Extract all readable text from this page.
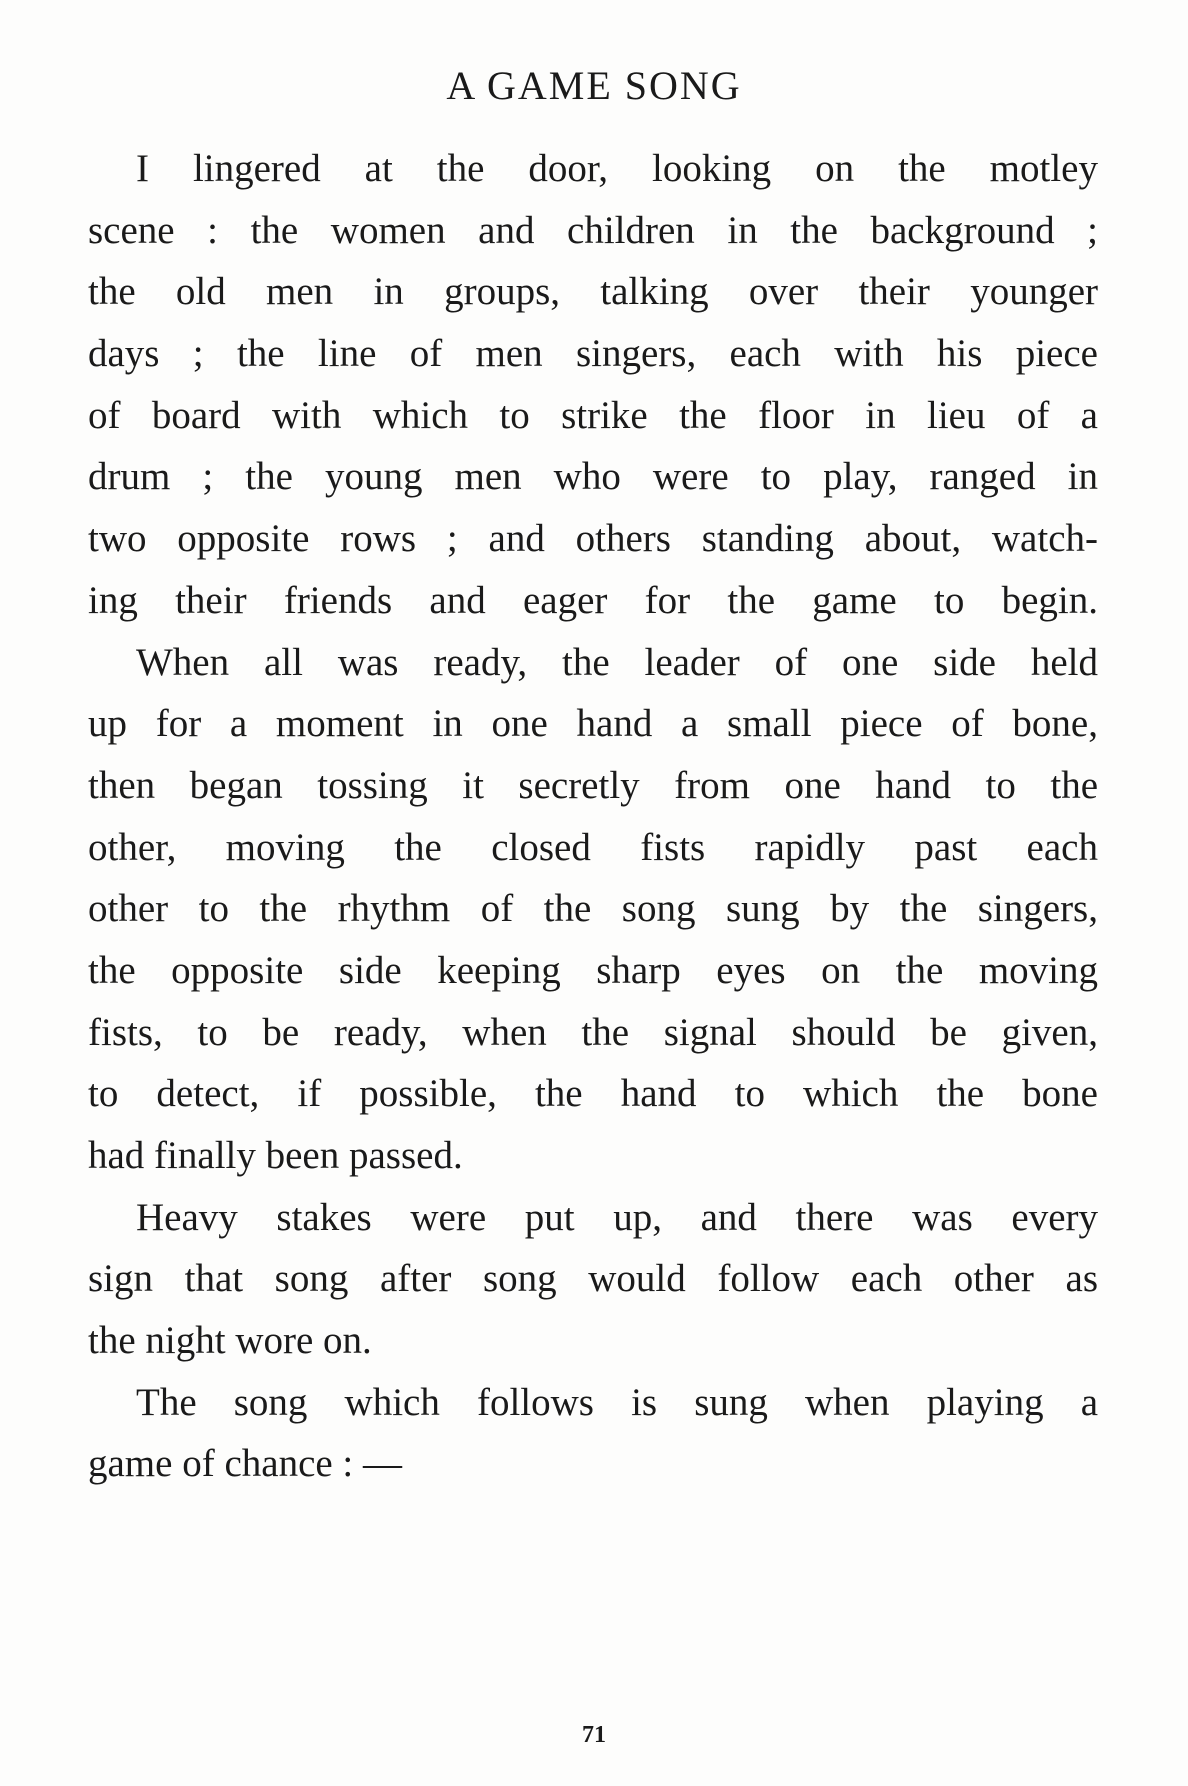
A GAME SONG
I lingered at the door, looking on the motley
scene : the women and children in the background ;
the old men in groups, talking over their younger
days ; the line of men singers, each with his piece
of board with which to strike the floor in lieu of a
drum ; the young men who were to play, ranged in
two opposite rows ; and others standing about, watch-
ing their friends and eager for the game to begin.
When all was ready, the leader of one side held
up for a moment in one hand a small piece of bone,
then began tossing it secretly from one hand to the
other, moving the closed fists rapidly past each
other to the rhythm of the song sung by the singers,
the opposite side keeping sharp eyes on the moving
fists, to be ready, when the signal should be given,
to detect, if possible, the hand to which the bone
had finally been passed.
Heavy stakes were put up, and there was every
sign that song after song would follow each other as
the night wore on.
The song which follows is sung when playing a
game of chance : —
71
